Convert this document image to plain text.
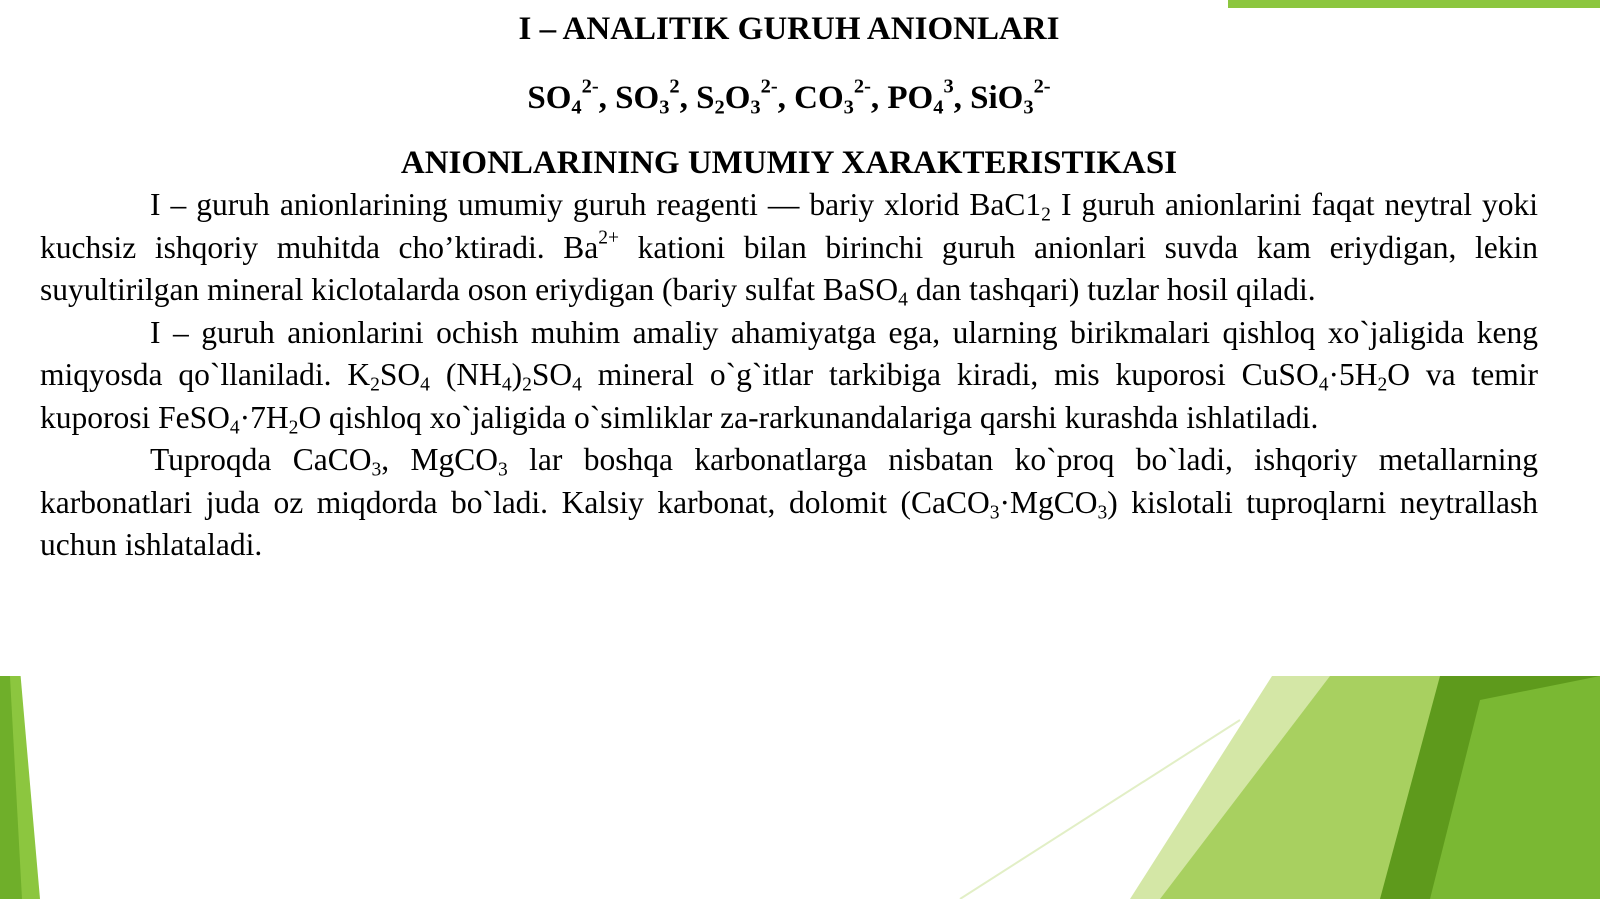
I – ANALITIK GURUH ANIONLARI
$SO_4^{2-}$, $SO_3^2$, $S_2O_3^{2-}$, $CO_3^{2-}$, $PO_4^3$, SiO$_3^{2-}$
ANIONLARINING UMUMIY XARAKTERISTIKASI

I – guruh anionlarining umumiy guruh reagenti — bariy xlorid $BaC1_2$ I guruh anionlarini faqat neytral yoki kuchsiz ishqoriy muhitda cho’ktiradi. $Ba^{2+}$ kationi bilan birinchi guruh anionlari suvda kam eriydigan, lekin suyultirilgan mineral kiclotalarda oson eriydigan (bariy sulfat BaSO$_4$ dan tashqari) tuzlar hosil qiladi.

I – guruh anionlarini ochish muhim amaliy ahamiyatga ega, ularning birikmalari qishloq xo`jaligida keng miqyosda qo`llaniladi. $K_2SO_4$ $(NH_4)_2SO_4$ mineral o`g`itlar tarkibiga kiradi, mis kuporosi $CuSO_4\cdot 5H_2O$ va temir kuporosi $FeSO_4\cdot 7H_2O$ qishloq xo`jaligida o`simliklar za-rarkunandalariga qarshi kurashda ishlatiladi.

Tuproqda CaCO$_3$, MgCO$_3$ lar boshqa karbonatlarga nisbatan ko`proq bo`ladi, ishqoriy metallarning karbonatlari juda oz miqdorda bo`ladi. Kalsiy karbonat, dolomit (CaCO$_3$·MgCO$_3$) kislotali tuproqlarni neytrallash uchun ishlataladi.
